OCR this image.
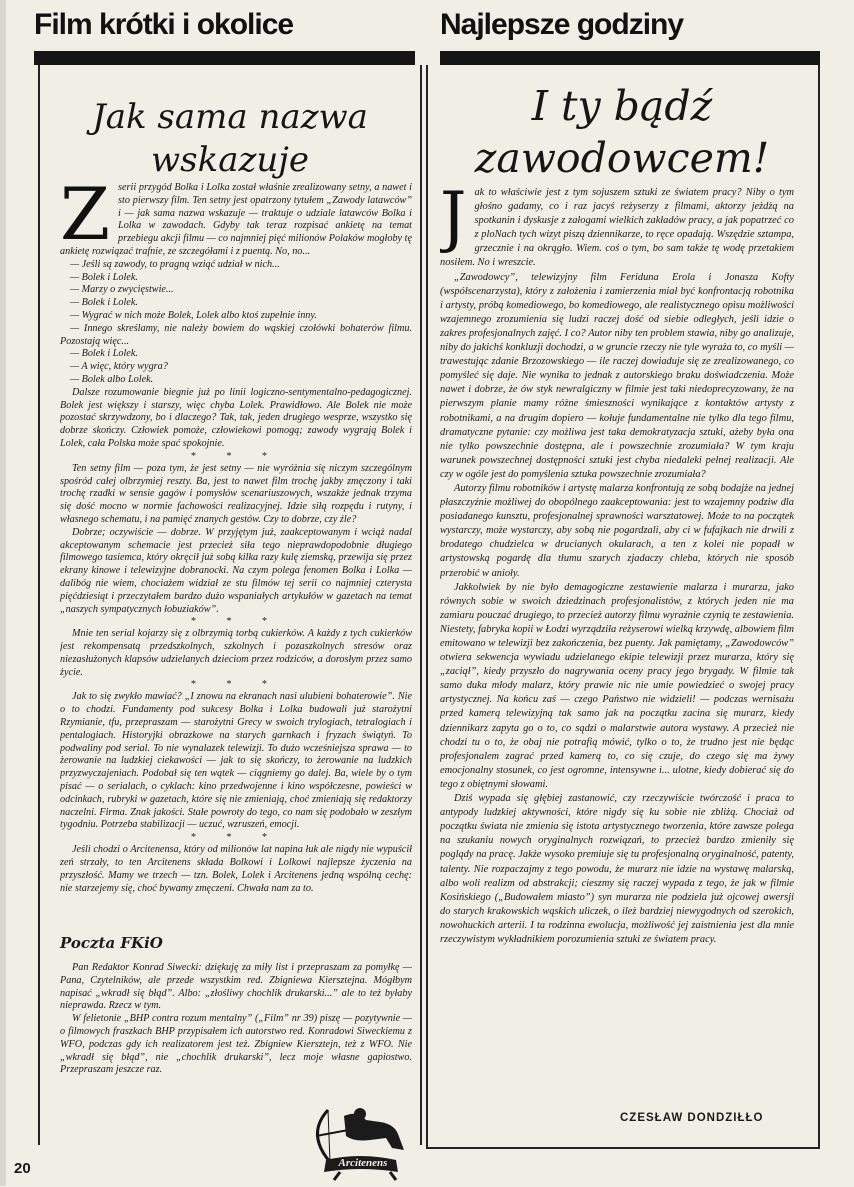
Film krótki i okolice	Najlepsze godziny
Jak sama nazwa
wskazuje
I ty bądź
zawodowcem!

Zserii przygód Bolka i Lolka został właśnie zrealizowany setny, a nawet i sto pierwszy film. Ten setny jest opatrzony tytułem „Zawody latawców” i — jak sama nazwa wskazuje — traktuje o udziale latawców Bolka i Lolka w zawodach. Gdyby tak teraz rozpisać ankietę na temat przebiegu akcji filmu — co najmniej pięć milionów Polaków mogłoby tę ankietę rozwiązać trafnie, ze szczegółami i z puentą. No, no...

— Jeśli są zawody, to pragną wziąć udział w nich...

— Bolek i Lolek.

— Marzy o zwycięstwie...

— Bolek i Lolek.

— Wygrać w nich może Bolek, Lolek albo ktoś zupełnie inny.

— Innego skreślamy, nie należy bowiem do wąskiej czołówki bohaterów filmu. Pozostają więc...

— Bolek i Lolek.

— A więc, który wygra?

— Bolek albo Lolek.

Dalsze rozumowanie biegnie już po linii logiczno-sentymentalno-pedagogicznej. Bolek jest większy i starszy, więc chyba Lolek. Prawidłowo. Ale Bolek nie może pozostać skrzywdzony, bo i dlaczego? Tak, tak, jeden drugiego wesprze, wszystko się dobrze skończy. Człowiek pomoże, człowiekowi pomogą; zawody wygrają Bolek i Lolek, cała Polska może spać spokojnie.

* * *

Ten setny film — poza tym, że jest setny — nie wyróżnia się niczym szczególnym spośród całej olbrzymiej reszty. Ba, jest to nawet film trochę jakby zmęczony i taki trochę rzadki w sensie gagów i pomysłów scenariuszowych, wszakże jednak trzyma się dość mocno w normie fachowości realizacyjnej. Idzie siłą rozpędu i rutyny, i własnego schematu, i na pamięć znanych gestów. Czy to dobrze, czy źle?

Dobrze; oczywiście — dobrze. W przyjętym już, zaakceptowanym i wciąż nadal akceptowanym schemacie jest przecież siła tego nieprawdopodobnie długiego filmowego tasiemca, który okręcił już sobą kilka razy kulę ziemską, przewija się przez ekrany kinowe i telewizyjne dobranocki. Na czym polega fenomen Bolka i Lolka — dalibóg nie wiem, chociażem widział ze stu filmów tej serii co najmniej czterysta pięćdziesiąt i przeczytałem bardzo dużo wspaniałych artykułów w gazetach na temat „naszych sympatycznych łobuziaków”.

* * *

Mnie ten serial kojarzy się z olbrzymią torbą cukierków. A każdy z tych cukierków jest rekompensatą przedszkolnych, szkolnych i pozaszkolnych stresów oraz niezasłużonych klapsów udzielanych dzieciom przez rodziców, a dorosłym przez samo życie.

* * *

Jak to się zwykło mawiać? „I znowu na ekranach nasi ulubieni bohaterowie”. Nie o to chodzi. Fundamenty pod sukcesy Bolka i Lolka budowali już starożytni Rzymianie, tfu, przepraszam — starożytni Grecy w swoich trylogiach, tetralogiach i pentalogiach. Historyjki obrazkowe na starych garnkach i fryzach świątyń. To podwaliny pod serial. To nie wynalazek telewizji. To dużo wcześniejsza sprawa — to żerowanie na ludzkiej ciekawości — jak to się skończy, to żerowanie na ludzkich przyzwyczajeniach. Podobał się ten wątek — ciągniemy go dalej. Ba, wiele by o tym pisać — o serialach, o cyklach: kino przedwojenne i kino współczesne, powieści w odcinkach, rubryki w gazetach, które się nie zmieniają, choć zmieniają się redaktorzy naczelni. Firma. Znak jakości. Stałe powroty do tego, co nam się podobało w zeszłym tygodniu. Potrzeba stabilizacji — uczuć, wzruszeń, emocji.

* * *

Jeśli chodzi o Arcitenensa, który od milionów lat napina łuk ale nigdy nie wypuścił zeń strzały, to ten Arcitenens składa Bolkowi i Lolkowi najlepsze życzenia na przyszłość. Mamy we trzech — tzn. Bolek, Lolek i Arcitenens jedną wspólną cechę: nie starzejemy się, choć bywamy zmęczeni. Chwała nam za to.

Poczta FKiO

Pan Redaktor Konrad Siwecki: dziękuję za miły list i przepraszam za pomyłkę — Pana, Czytelników, ale przede wszystkim red. Zbigniewa Kiersztejna. Mógłbym napisać „wkradł się błąd”. Albo: „złośliwy chochlik drukarski...” ale to też byłaby nieprawda. Rzecz w tym.

W felietonie „BHP contra rozum mentalny” („Film” nr 39) piszę — pozytywnie — o filmowych fraszkach BHP przypisałem ich autorstwo red. Konradowi Siweckiemu z WFO, podczas gdy ich realizatorem jest też. Zbigniew Kiersztejn, też z WFO. Nie „wkradł się błąd”, nie „chochlik drukarski”, lecz moje własne gapiostwo. Przepraszam jeszcze raz.

Jak to właściwie jest z tym sojuszem sztuki ze światem pracy? Niby o tym głośno gadamy, co i raz jacyś reżyserzy z filmami, aktorzy jeżdżą na spotkanin i dyskusje z załogami wielkich zakładów pracy, a jak popatrzeć co z ploNach tych wizyt piszą dziennikarze, to ręce opadają. Wszędzie sztampa, grzecznie i na okrągło. Wiem. coś o tym, bo sam także tę wodę przetakiem nosiłem. No i wreszcie.

„Zawodowcy”, telewizyjny film Feriduna Erola i Jonasza Kofty (współscenarzysta), który z założenia i zamierzenia miał być konfrontacją robotnika i artysty, próbą komediowego, bo komediowego, ale realistycznego opisu możliwości wzajemnego zrozumienia się ludzi raczej dość od siebie odległych, jeśli idzie o zakres profesjonalnych zajęć. I co? Autor niby ten problem stawia, niby go analizuje, niby do jakichś konkluzji dochodzi, a w gruncie rzeczy nie tyle wyraża to, co myśli — trawestując zdanie Brzozowskiego — ile raczej dowiaduje się ze zrealizowanego, co pomyśleć się daje. Nie wynika to jednak z autorskiego braku doświadczenia. Może nawet i dobrze, że ów styk newralgiczny w filmie jest taki niedoprecyzowany, że na pierwszym planie mamy różne śmieszności wynikające z kontaktów artysty z robotnikami, a na drugim dopiero — kołuje fundamentalne nie tylko dla tego filmu, dramatyczne pytanie: czy możliwa jest taka demokratyzacja sztuki, ażeby była ona nie tylko powszechnie dostępna, ale i powszechnie zrozumiała? W tym kraju warunek powszechnej dostępności sztuki jest chyba niedaleki pełnej realizacji. Ale czy w ogóle jest do pomyślenia sztuka powszechnie zrozumiała?

Autorzy filmu robotników i artystę malarza konfrontują ze sobą bodajże na jednej płaszczyźnie możliwej do obopólnego zaakceptowania: jest to wzajemny podziw dla posiadanego kunsztu, profesjonalnej sprawności warsztatowej. Może to na początek wystarczy, może wystarczy, aby sobą nie pogardzali, aby ci w fufajkach nie drwili z brodatego chudzielca w drucianych okularach, a ten z kolei nie popadł w artystowską pogardę dla tłumu szarych zjadaczy chleba, których nie sposób przerobić w anioły.

Jakkolwiek by nie było demagogiczne zestawienie malarza i murarza, jako równych sobie w swoich dziedzinach profesjonalistów, z których jeden nie ma zamiaru pouczać drugiego, to przecież autorzy filmu wyraźnie czynią te zestawienia. Niestety, fabryka kopii w Łodzi wyrządziła reżyserowi wielką krzywdę, albowiem film emitowano w telewizji bez zakończenia, bez puenty. Jak pamiętamy, „Zawodowców” otwiera sekwencja wywiadu udzielanego ekipie telewizji przez murarza, który się „zaciął”, kiedy przyszło do nagrywania oceny pracy jego brygady. W filmie tak samo duka młody malarz, który prawie nic nie umie powiedzieć o swojej pracy artystycznej. Na końcu zaś — czego Państwo nie widzieli! — podczas wernisażu przed kamerą telewizyjną tak samo jak na początku zacina się murarz, kiedy dziennikarz zapyta go o to, co sądzi o malarstwie autora wystawy. A przecież nie chodzi tu o to, że obaj nie potrafią mówić, tylko o to, że trudno jest nie będąc profesjonalem zagrać przed kamerą to, co się czuje, do czego się ma żywy emocjonalny stosunek, co jest ogromne, intensywne i... ulotne, kiedy dobierać się do tego z obiętnymi słowami.

Dziś wypada się głębiej zastanowić, czy rzeczywiście twórczość i praca to antypody ludzkiej aktywności, które nigdy się ku sobie nie zbliżą. Chociaż od początku świata nie zmienia się istota artystycznego tworzenia, które zawsze polega na szukaniu nowych oryginalnych rozwiązań, to przecież bardzo zmieniły się poglądy na pracę. Jakże wysoko premiuje się tu profesjonalną oryginalność, patenty, talenty. Nie rozpaczajmy z tego powodu, że murarz nie idzie na wystawę malarską, albo woli realizm od abstrakcji; cieszmy się raczej wypada z tego, że jak w filmie Kosińskiego („Budowałem miasto”) syn murarza nie podziela już ojcowej awersji do starych krakowskich wąskich uliczek, o ileż bardziej niewygodnych od szerokich, nowohuckich arterii. I ta rodzinna ewolucja, możliwość jej zaistnienia jest dla mnie rzeczywistym wykładnikiem porozumienia sztuki ze światem pracy.

CZESŁAW DONDZIŁŁO
20	Arcitenens
